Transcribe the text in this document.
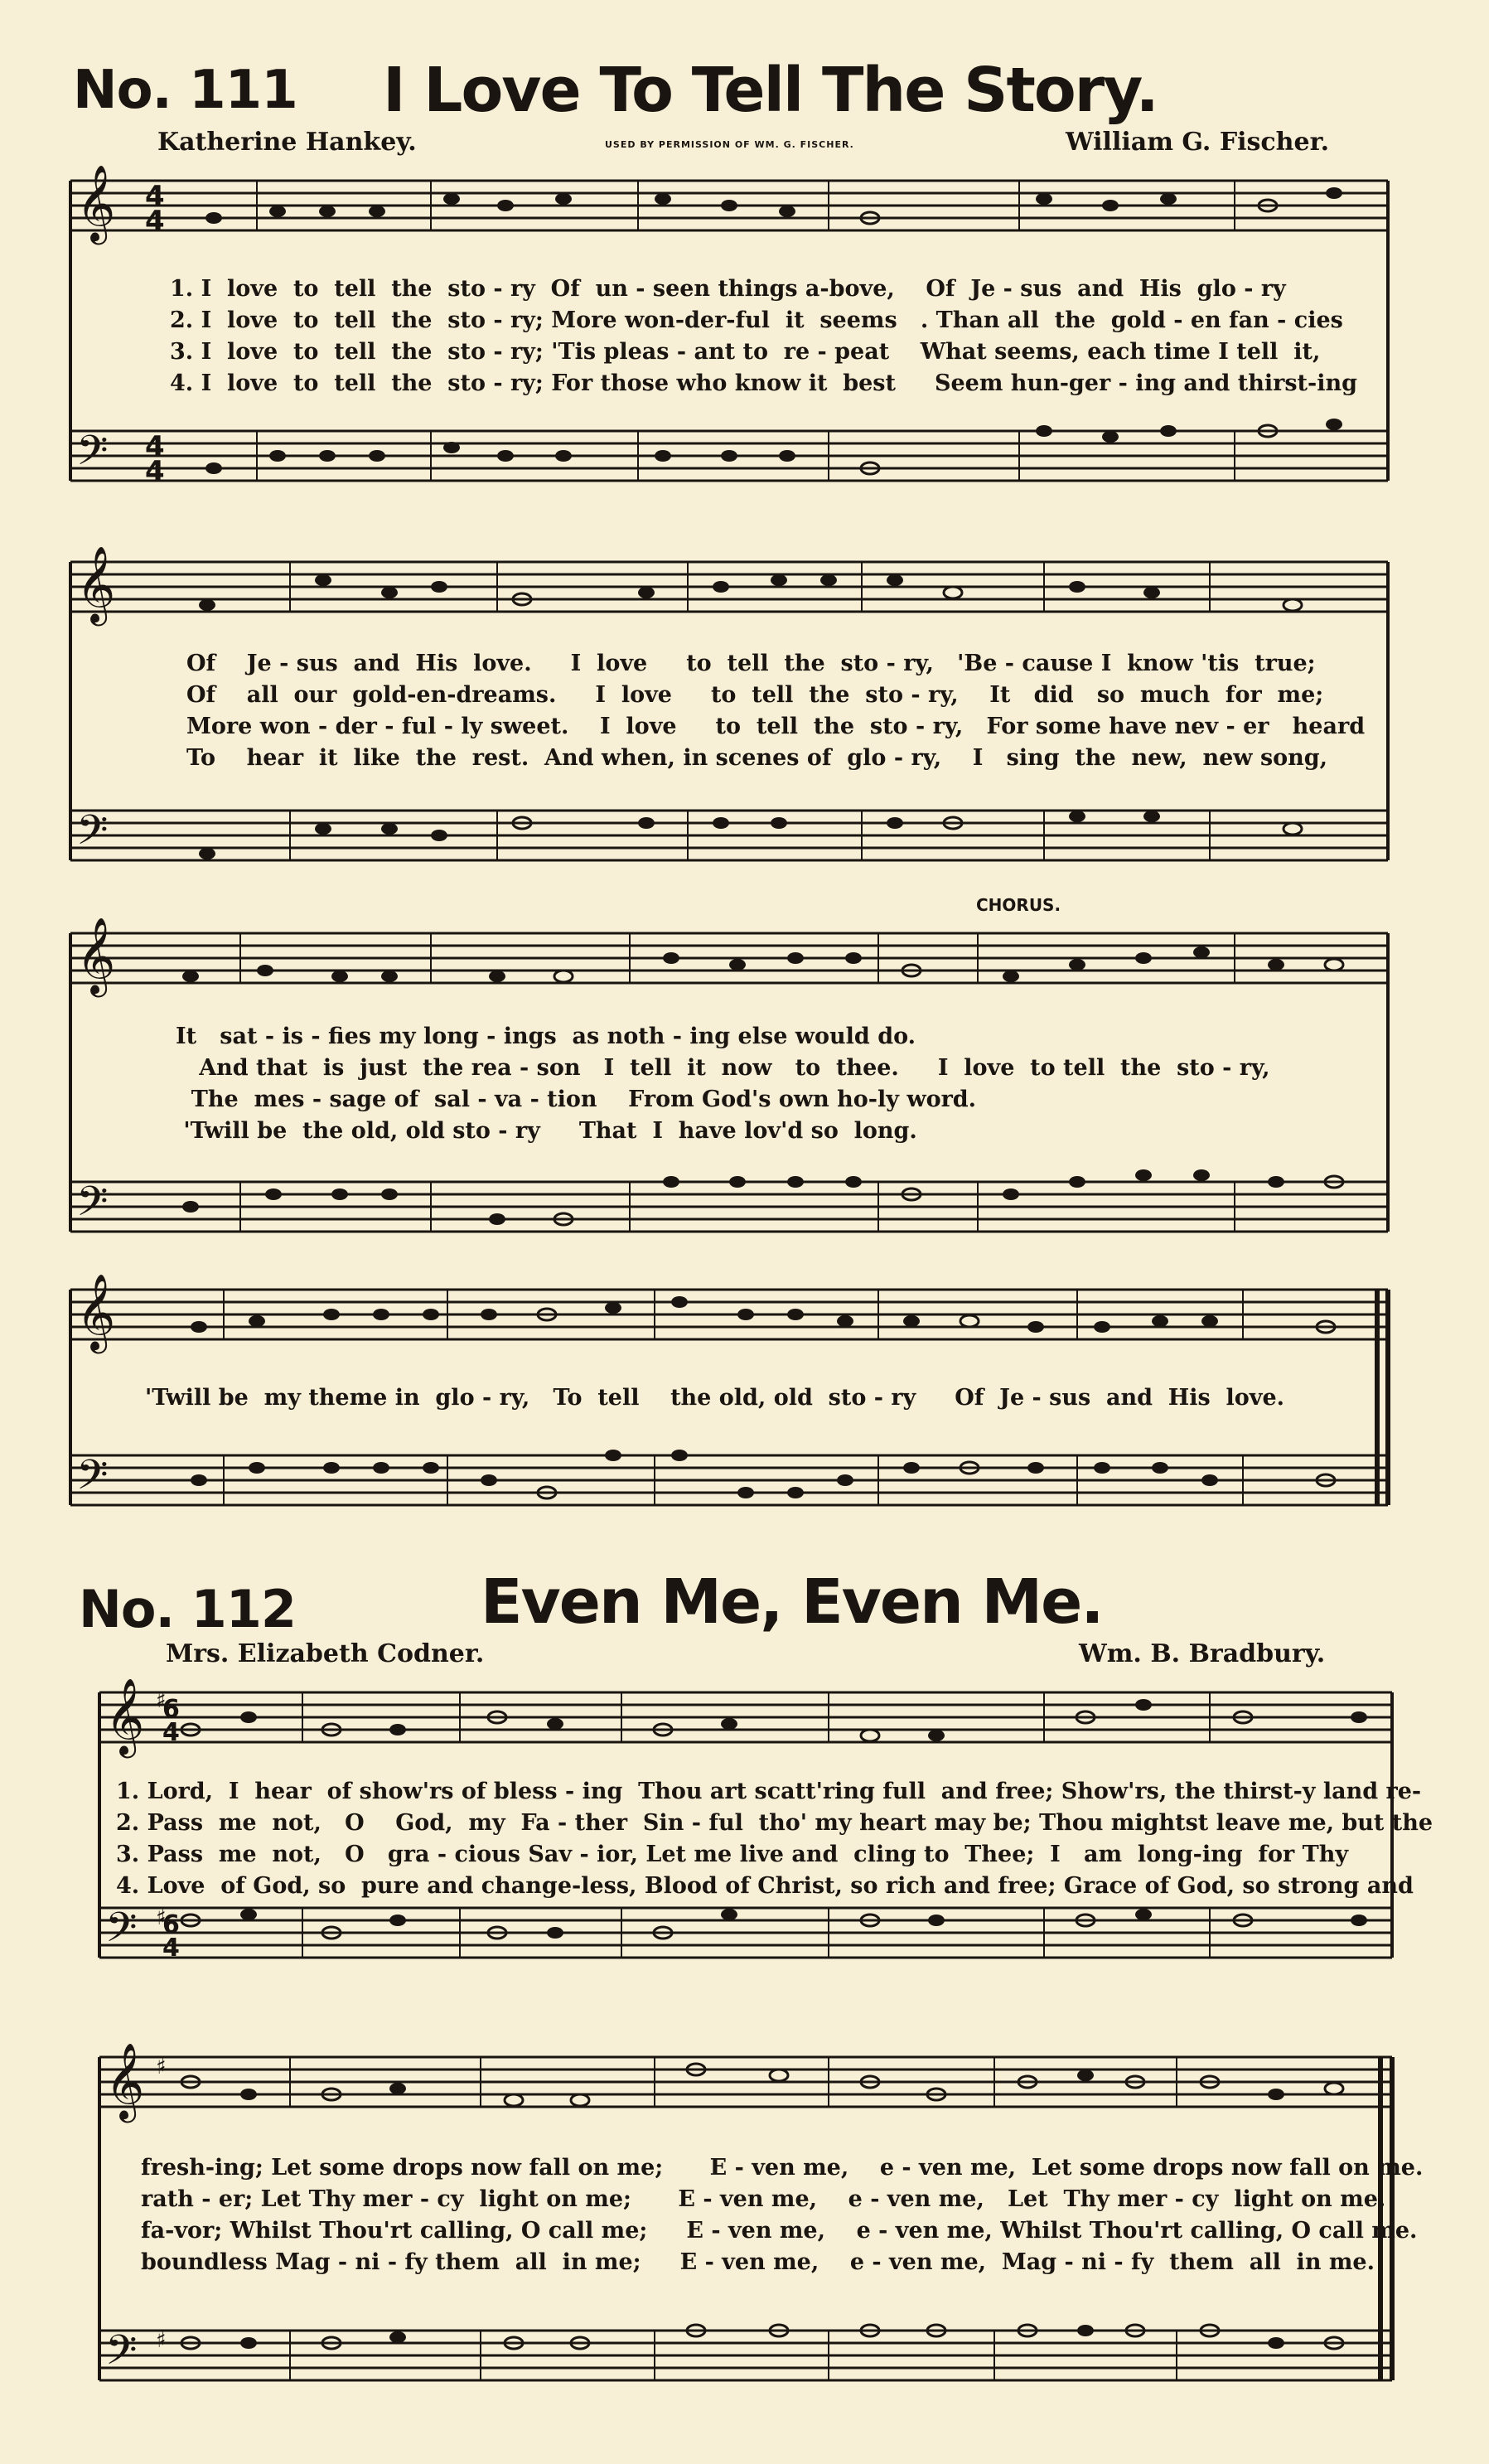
No. 111 I Love To Tell The Story.
Katherine Hankey.	USED BY PERMISSION OF WM. G. FISCHER.	William G. Fischer.
𝄞
𝄢
𝄞
𝄢
𝄞
𝄢
𝄞
𝄢
4
4
4
4
1. I  love  to  tell  the  sto - ry  Of  un - seen things a-bove,    Of  Je - sus  and  His  glo - ry
2. I  love  to  tell  the  sto - ry; More won-der-ful  it  seems   . Than all  the  gold - en fan - cies
3. I  love  to  tell  the  sto - ry; 'Tis pleas - ant to  re - peat    What seems, each time I tell  it,
4. I  love  to  tell  the  sto - ry; For those who know it  best     Seem hun-ger - ing and thirst-ing
Of    Je - sus  and  His  love.     I  love     to  tell  the  sto - ry,   'Be - cause I  know 'tis  true;
Of    all  our  gold-en-dreams.     I  love     to  tell  the  sto - ry,    It   did   so  much  for  me;
More won - der - ful - ly sweet.    I  love     to  tell  the  sto - ry,   For some have nev - er   heard
To    hear  it  like  the  rest.  And when, in scenes of  glo - ry,    I   sing  the  new,  new song,
CHORUS.
It   sat - is - fies my long - ings  as noth - ing else would do.
And that  is  just  the rea - son   I  tell  it  now   to  thee.     I  love  to tell  the  sto - ry,
The  mes - sage of  sal - va - tion    From God's own ho-ly word.
'Twill be  the old, old sto - ry     That  I  have lov'd so  long.
'Twill be  my theme in  glo - ry,   To  tell    the old, old  sto - ry     Of  Je - sus  and  His  love.
No. 112	Even Me, Even Me.
Mrs. Elizabeth Codner.	Wm. B. Bradbury.
𝄞
𝄢
𝄞
𝄢
6
4
6
4
♯
♯
♯
♯
1. Lord,  I  hear  of show'rs of bless - ing  Thou art scatt'ring full  and free; Show'rs, the thirst-y land re-
2. Pass  me  not,   O    God,  my  Fa - ther  Sin - ful  tho' my heart may be; Thou mightst leave me, but the
3. Pass  me  not,   O   gra - cious Sav - ior, Let me live and  cling to  Thee;  I   am  long-ing  for Thy
4. Love  of God, so  pure and change-less, Blood of Christ, so rich and free; Grace of God, so strong and
fresh-ing; Let some drops now fall on me;      E - ven me,    e - ven me,  Let some drops now fall on me.
rath - er; Let Thy mer - cy  light on me;      E - ven me,    e - ven me,   Let  Thy mer - cy  light on me.
fa-vor; Whilst Thou'rt calling, O call me;     E - ven me,    e - ven me, Whilst Thou'rt calling, O call me.
boundless Mag - ni - fy them  all  in me;     E - ven me,    e - ven me,  Mag - ni - fy  them  all  in me.
